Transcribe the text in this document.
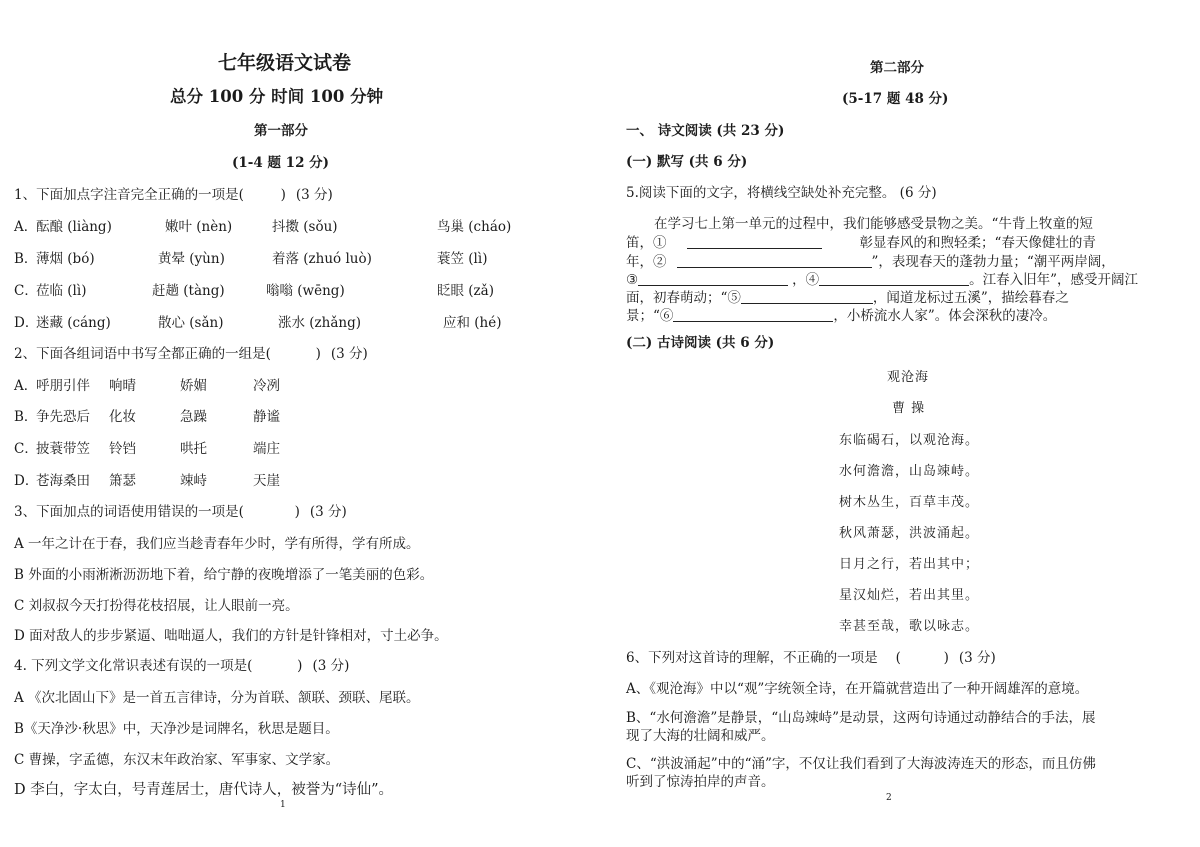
七年级语文试卷
总分 100 分 时间 100 分钟
第一部分
(1-4 题 12 分)
1、下面加点字注音完全正确的一项是(	) (3 分)
A．
酝酿 (liàng)	嫩叶 (nèn)	抖擞 (sǒu)	鸟巢 (cháo)
B．
薄烟 (bó)	黄晕 (yùn)	着落 (zhuó luò)	蓑笠 (lì)
C．
莅临 (lì)	赶趟 (tàng)	嗡嗡 (wēng)	眨眼 (zǎ)
D．
迷藏 (cáng)	散心 (sǎn)	涨水 (zhǎng)	应和 (hé)
2、下面各组词语中书写全都正确的一组是(	) (3 分)
A．
呼朋引伴 响晴	娇媚	冷冽
B．
争先恐后 化妆	急躁	静谧
C．
披蓑带笠 铃铛	哄托	端庄
D．
苍海桑田 箫瑟	竦峙	天崖
3、下面加点的词语使用错误的一项是(	) (3 分)
A 一年之计在于春，我们应当趁青春年少时，学有所得，学有所成。
B 外面的小雨淅淅沥沥地下着，给宁静的夜晚增添了一笔美丽的色彩。
C 刘叔叔今天打扮得花枝招展，让人眼前一亮。
D 面对敌人的步步紧逼、咄咄逼人，我们的方针是针锋相对，寸土必争。
4. 下列文学文化常识表述有误的一项是(	) (3 分)
A 《次北固山下》是一首五言律诗，分为首联、颔联、颈联、尾联。
B《天净沙·秋思》中，天净沙是词牌名，秋思是题目。
C 曹操，字孟德，东汉末年政治家、军事家、文学家。
D 李白，字太白，号青莲居士，唐代诗人，被誉为“诗仙”。
1
第二部分
(5-17 题 48 分)
一、 诗文阅读 (共 23 分)
(一) 默写 (共 6 分)
5.阅读下面的文字，将横线空缺处补充完整。 (6 分)
在学习七上第一单元的过程中，我们能够感受景物之美。“牛背上牧童的短
笛，①	彰显春风的和煦轻柔；“春天像健壮的青
年，②	”，表现春天的蓬勃力量；“潮平两岸阔，
③	，④	。江春入旧年”，感受开阔江
面，初春萌动；“⑤	，闻道龙标过五溪”，描绘暮春之
景；“⑥	，小桥流水人家”。体会深秋的凄冷。
(二) 古诗阅读 (共 6 分)
观沧海
曹 操
东临碣石，以观沧海。
水何澹澹，山岛竦峙。
树木丛生，百草丰茂。
秋风萧瑟，洪波涌起。
日月之行，若出其中；
星汉灿烂，若出其里。
幸甚至哉，歌以咏志。
6、下列对这首诗的理解，不正确的一项是 (	) (3 分)
A、《观沧海》中以“观”字统领全诗，在开篇就营造出了一种开阔雄浑的意境。
B、“水何澹澹”是静景，“山岛竦峙”是动景，这两句诗通过动静结合的手法，展
现了大海的壮阔和威严。
C、“洪波涌起”中的“涌”字，不仅让我们看到了大海波涛连天的形态，而且仿佛
听到了惊涛拍岸的声音。
2
